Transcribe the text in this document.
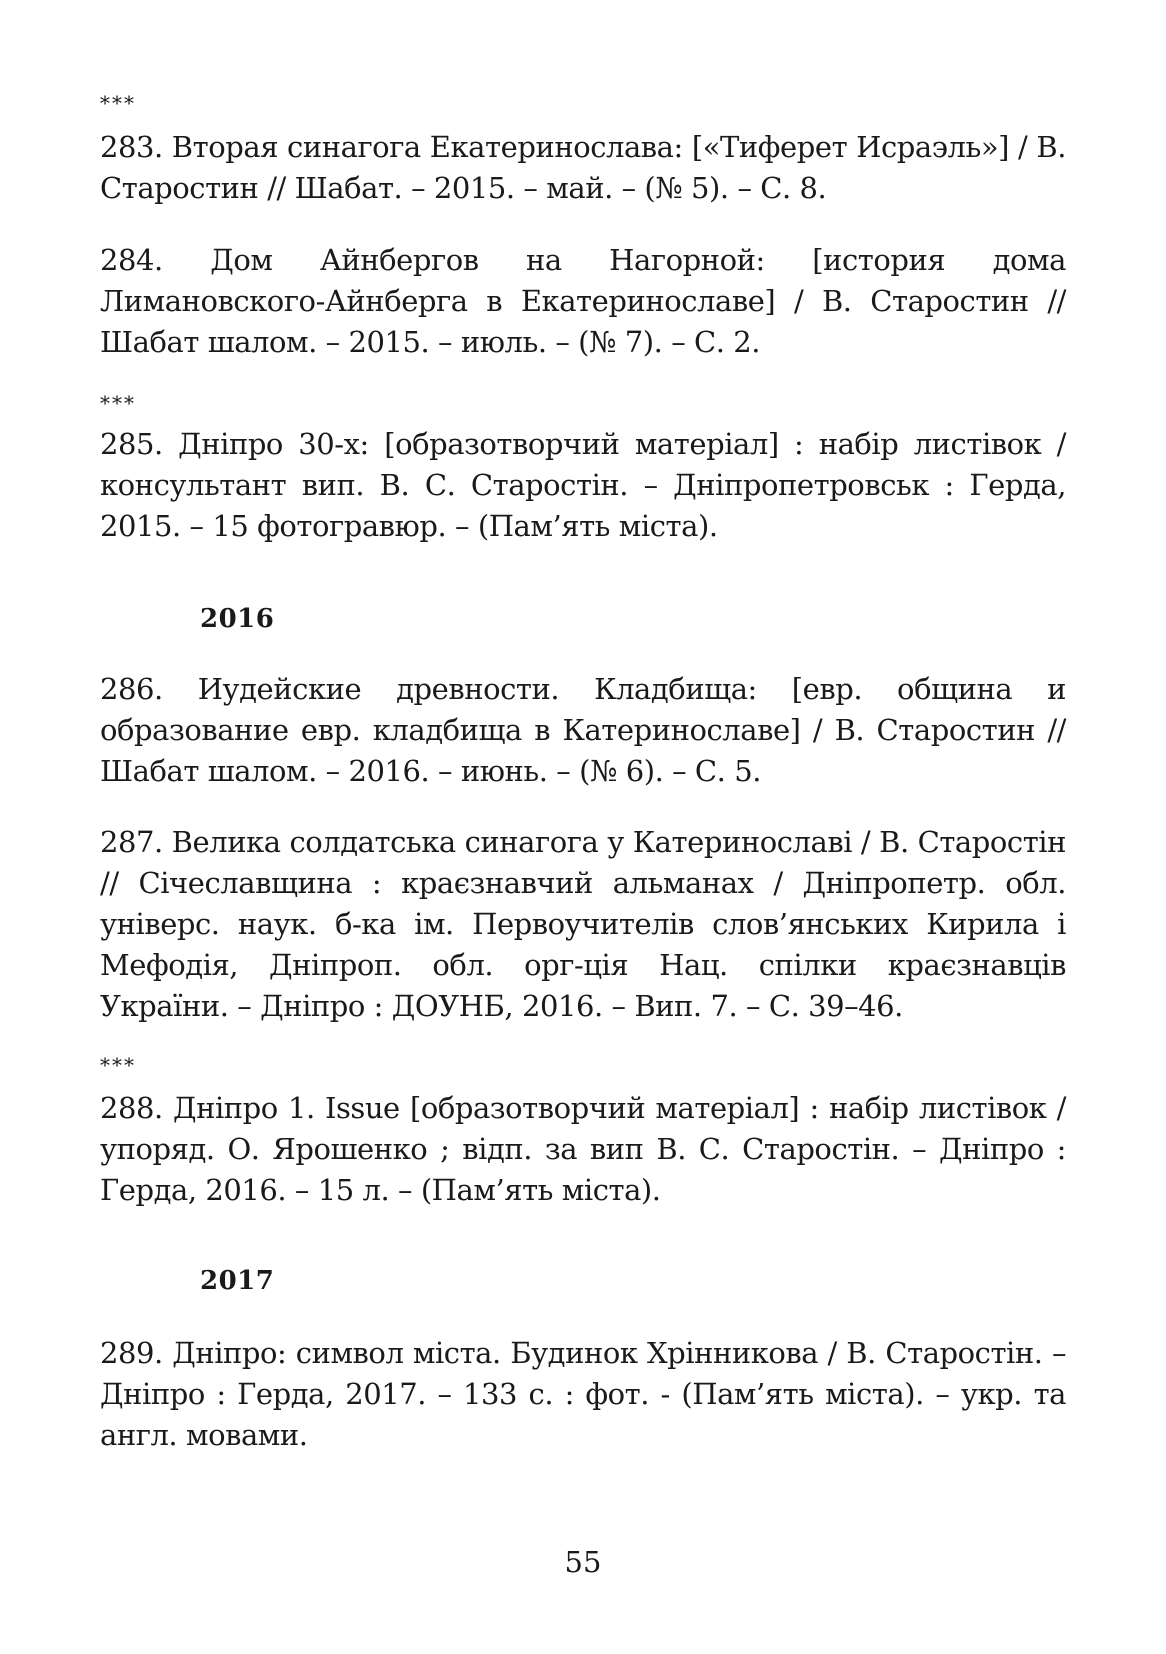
***

283. Вторая синагога Екатеринослава: [«Тиферет Исраэль»] / В. Старостин // Шабат. – 2015. – май. – (№ 5). – С. 8.

284. Дом Айнбергов на Нагорной: [история дома Лимановского-Айнберга в Екатеринославе] / В. Старостин // Шабат шалом. – 2015. – июль. – (№ 7). – С. 2.

***

285. Дніпро 30-х: [образотворчий матеріал] : набір листівок / консультант вип. В. С. Старостін. – Дніпропетровськ : Герда, 2015. – 15 фотогравюр. – (Пам’ять міста).

2016

286. Иудейские древности. Кладбища: [евр. община и образование евр. кладбища в Катеринославе] / В. Старостин // Шабат шалом. – 2016. – июнь. – (№ 6). – С. 5.

287. Велика солдатська синагога у Катеринославі / В. Старостін // Січеславщина : краєзнавчий альманах / Дніпропетр. обл. універс. наук. б-ка ім. Первоучителів слов’янських Кирила і Мефодія, Дніпроп. обл. орг-ція Нац. спілки краєзнавців України. – Дніпро : ДОУНБ, 2016. – Вип. 7. – С. 39–46.

***

288. Дніпро 1. Issue [образотворчий матеріал] : набір листівок / упоряд. О. Ярошенко ; відп. за вип В. С. Старостін. – Дніпро : Герда, 2016. – 15 л. – (Пам’ять міста).

2017

289. Дніпро: символ міста. Будинок Хрінникова / В. Старостін. – Дніпро : Герда, 2017. – 133 с. : фот. - (Пам’ять міста). – укр. та англ. мовами.

55
